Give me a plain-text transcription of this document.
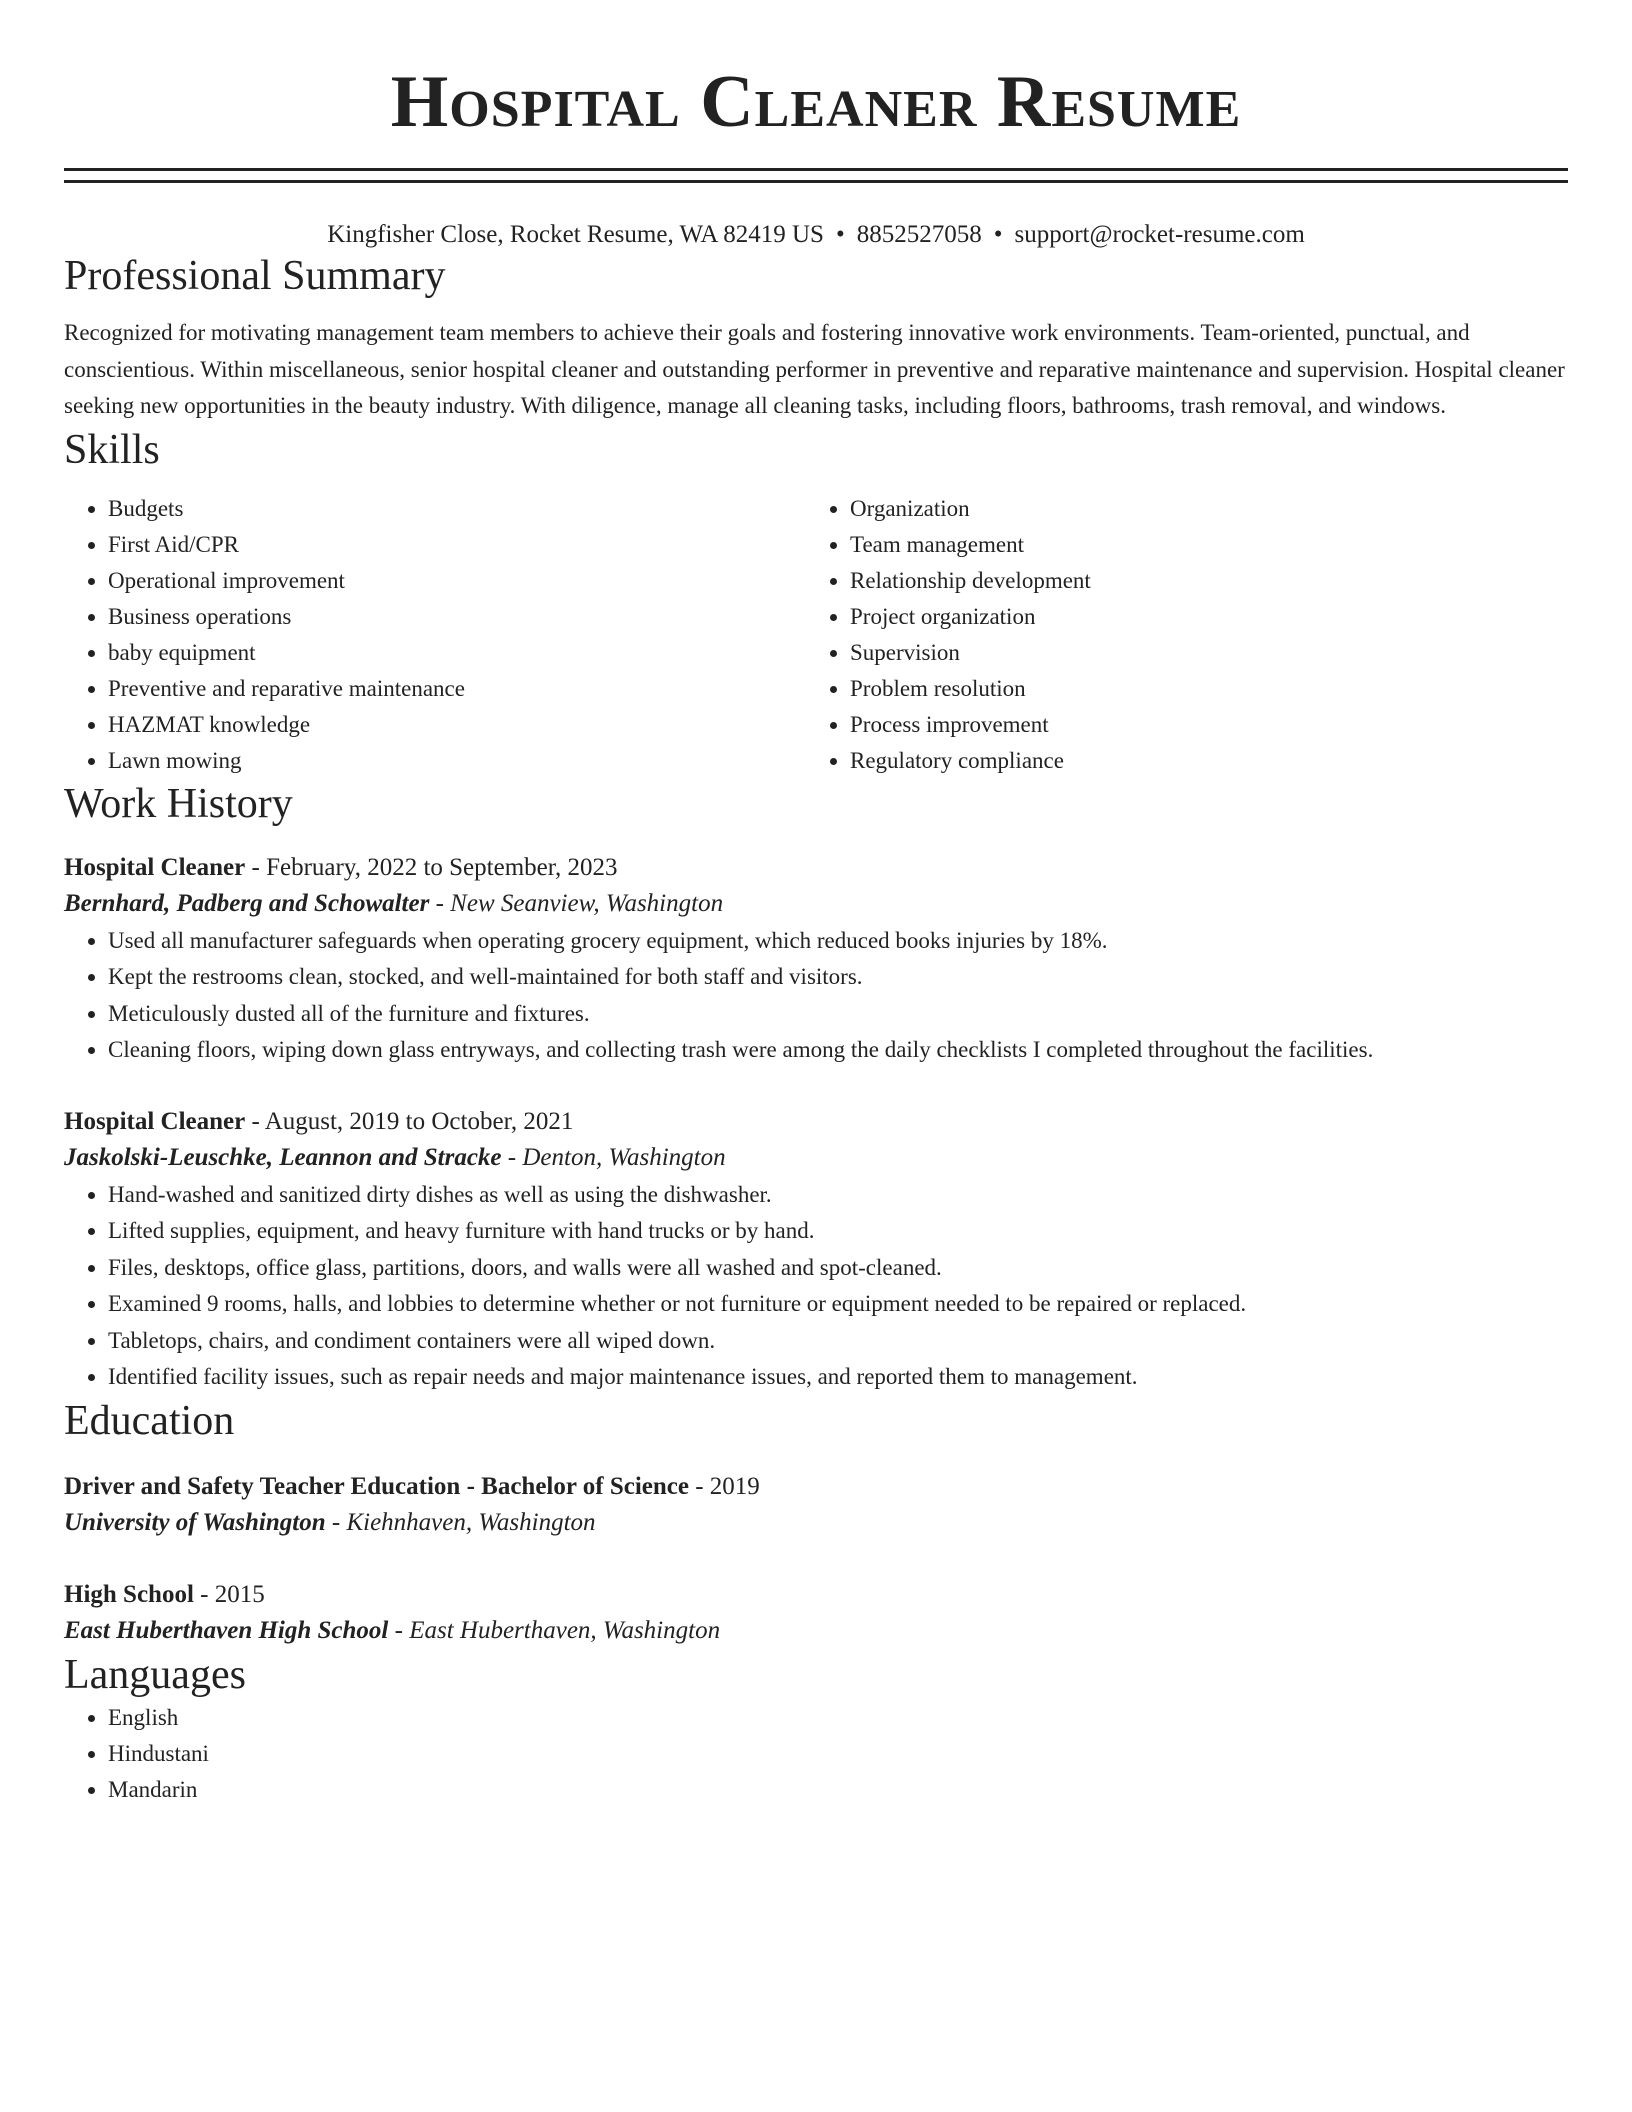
Hospital Cleaner Resume
Kingfisher Close, Rocket Resume, WA 82419 US • 8852527058 • support@rocket-resume.com
Professional Summary

Recognized for motivating management team members to achieve their goals and fostering innovative work environments. Team-oriented, punctual, and conscientious. Within miscellaneous, senior hospital cleaner and outstanding performer in preventive and reparative maintenance and supervision. Hospital cleaner seeking new opportunities in the beauty industry. With diligence, manage all cleaning tasks, including floors, bathrooms, trash removal, and windows.

Skills
• Budgets
• First Aid/CPR
• Operational improvement
• Business operations
• baby equipment
• Preventive and reparative maintenance
• HAZMAT knowledge
• Lawn mowing
• Organization
• Team management
• Relationship development
• Project organization
• Supervision
• Problem resolution
• Process improvement
• Regulatory compliance
Work History
Hospital Cleaner - February, 2022 to September, 2023
Bernhard, Padberg and Schowalter - New Seanview, Washington
• Used all manufacturer safeguards when operating grocery equipment, which reduced books injuries by 18%.
• Kept the restrooms clean, stocked, and well-maintained for both staff and visitors.
• Meticulously dusted all of the furniture and fixtures.
• Cleaning floors, wiping down glass entryways, and collecting trash were among the daily checklists I completed throughout the facilities.
Hospital Cleaner - August, 2019 to October, 2021
Jaskolski-Leuschke, Leannon and Stracke - Denton, Washington
• Hand-washed and sanitized dirty dishes as well as using the dishwasher.
• Lifted supplies, equipment, and heavy furniture with hand trucks or by hand.
• Files, desktops, office glass, partitions, doors, and walls were all washed and spot-cleaned.
• Examined 9 rooms, halls, and lobbies to determine whether or not furniture or equipment needed to be repaired or replaced.
• Tabletops, chairs, and condiment containers were all wiped down.
• Identified facility issues, such as repair needs and major maintenance issues, and reported them to management.
Education
Driver and Safety Teacher Education - Bachelor of Science - 2019
University of Washington - Kiehnhaven, Washington
High School - 2015
East Huberthaven High School - East Huberthaven, Washington
Languages
• English
• Hindustani
• Mandarin
